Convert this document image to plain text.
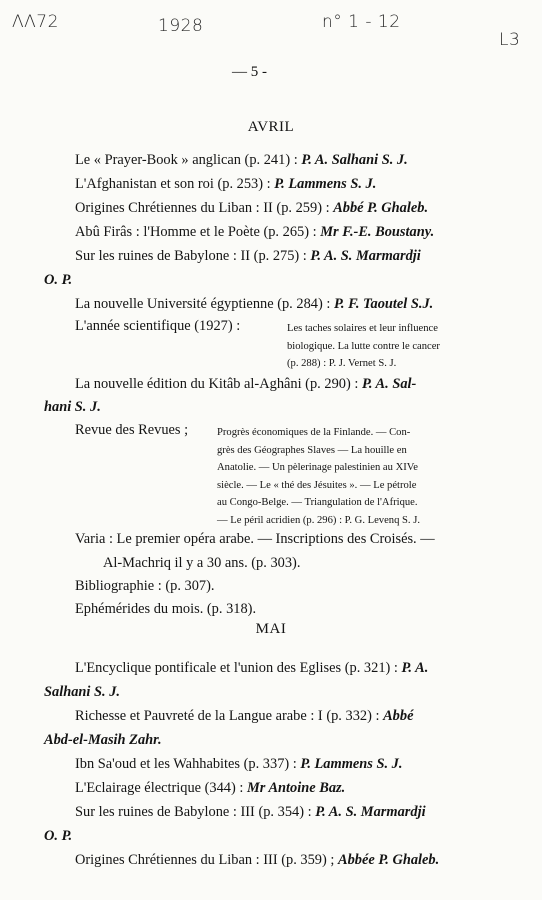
ΛΛ72	1928	n° 1 - 12
L3
— 5 -
AVRIL
Le « Prayer-Book » anglican (p. 241) : P. A. Salhani S. J.
L'Afghanistan et son roi (p. 253) : P. Lammens S. J.
Origines Chrétiennes du Liban : II (p. 259) : Abbé P. Ghaleb.
Abû Firâs : l'Homme et le Poète (p. 265) : Mr F.-E. Boustany.
Sur les ruines de Babylone : II (p. 275) : P. A. S. Marmardji
O. P.
La nouvelle Université égyptienne (p. 284) : P. F. Taoutel S.J.
L'année scientifique (1927) :	Les taches solaires et leur influence
biologique. La lutte contre le cancer
(p. 288) : P. J. Vernet S. J.
La nouvelle édition du Kitâb al-Aghâni (p. 290) : P. A. Sal-
hani S. J.
Revue des Revues ;	Progrès économiques de la Finlande. — Con-
grès des Géographes Slaves — La houille en
Anatolie. — Un pèlerinage palestinien au XIVe
siècle. — Le « thé des Jésuites ». — Le pétrole
au Congo-Belge. — Triangulation de l'Afrique.
— Le péril acridien (p. 296) : P. G. Levenq S. J.
Varia : Le premier opéra arabe. — Inscriptions des Croisés. —
Al-Machriq il y a 30 ans. (p. 303).
Bibliographie : (p. 307).
Ephémérides du mois. (p. 318).
MAI
L'Encyclique pontificale et l'union des Eglises (p. 321) : P. A.
Salhani S. J.
Richesse et Pauvreté de la Langue arabe : I (p. 332) : Abbé
Abd-el-Masih Zahr.
Ibn Sa'oud et les Wahhabites (p. 337) : P. Lammens S. J.
L'Eclairage électrique (344) : Mr Antoine Baz.
Sur les ruines de Babylone : III (p. 354) : P. A. S. Marmardji
O. P.
Origines Chrétiennes du Liban : III (p. 359) ; Abbée P. Ghaleb.
